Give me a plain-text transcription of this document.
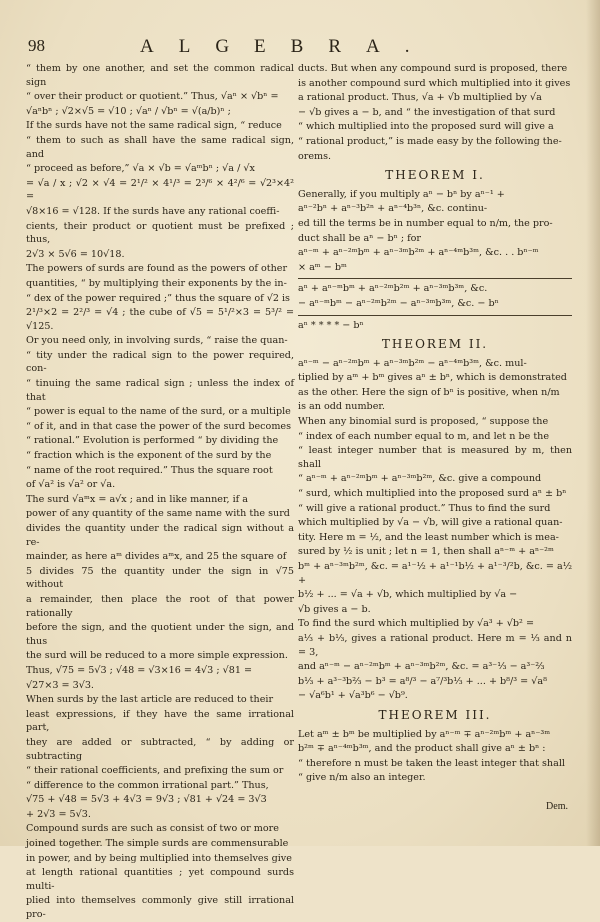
98	ALGEBRA.

“ them by one another, and set the common radical sign

“ over their product or quotient.” Thus, √aⁿ × √bⁿ =

√aⁿbⁿ ; √2×√5 = √10 ; √aⁿ / √bⁿ = √(a/b)ⁿ ;

If the surds have not the same radical sign, “ reduce

“ them to such as shall have the same radical sign, and

“ proceed as before,” √a × √b = √aᵐbⁿ ; √a / √x

= √a / x ; √2 × √4 = 2¹/² × 4¹/³ = 2³/⁶ × 4²/⁶ = √2³×4² =

√8×16 = √128. If the surds have any rational coeffi-

cients, their product or quotient must be prefixed ; thus,

2√3 × 5√6 = 10√18.

The powers of surds are found as the powers of other

quantities, “ by multiplying their exponents by the in-

“ dex of the power required ;” thus the square of √2 is

2¹/³×2 = 2²/³ = √4 ; the cube of √5 = 5¹/²×3 = 5³/² = √125.

Or you need only, in involving surds, “ raise the quan-

“ tity under the radical sign to the power required, con-

“ tinuing the same radical sign ; unless the index of that

“ power is equal to the name of the surd, or a multiple

“ of it, and in that case the power of the surd becomes

“ rational.” Evolution is performed “ by dividing the

“ fraction which is the exponent of the surd by the

“ name of the root required.” Thus the square root

of √a² is √a² or √a.

The surd √aᵐx = a√x ; and in like manner, if a

power of any quantity of the same name with the surd

divides the quantity under the radical sign without a re-

mainder, as here aᵐ divides aᵐx, and 25 the square of

5 divides 75 the quantity under the sign in √75 without

a remainder, then place the root of that power rationally

before the sign, and the quotient under the sign, and thus

the surd will be reduced to a more simple expression.

Thus, √75 = 5√3 ; √48 = √3×16 = 4√3 ; √81 =

√27×3 = 3√3.

When surds by the last article are reduced to their

least expressions, if they have the same irrational part,

they are added or subtracted, “ by adding or subtracting

“ their rational coefficients, and prefixing the sum or

“ difference to the common irrational part.” Thus,

√75 + √48 = 5√3 + 4√3 = 9√3 ; √81 + √24 = 3√3

+ 2√3 = 5√3.

Compound surds are such as consist of two or more

joined together. The simple surds are commensurable

in power, and by being multiplied into themselves give

at length rational quantities ; yet compound surds multi-

plied into themselves commonly give still irrational pro-

ducts. But when any compound surd is proposed, there

is another compound surd which multiplied into it gives

a rational product. Thus, √a + √b multiplied by √a

− √b gives a − b, and “ the investigation of that surd

“ which multiplied into the proposed surd will give a

“ rational product,” is made easy by the following the-

orems.

THEOREM I.

Generally, if you multiply aⁿ − bⁿ by aⁿ⁻¹ +

aⁿ⁻²bⁿ + aⁿ⁻³b²ⁿ + aⁿ⁻⁴b³ⁿ, &c. continu-

ed till the terms be in number equal to n/m, the pro-

duct shall be aⁿ − bⁿ ; for

aⁿ⁻ᵐ + aⁿ⁻²ᵐbᵐ + aⁿ⁻³ᵐb²ᵐ + aⁿ⁻⁴ᵐb³ᵐ, &c. . . bⁿ⁻ᵐ

× aᵐ − bᵐ

aⁿ + aⁿ⁻ᵐbᵐ + aⁿ⁻²ᵐb²ᵐ + aⁿ⁻³ᵐb³ᵐ, &c.

− aⁿ⁻ᵐbᵐ − aⁿ⁻²ᵐb²ᵐ − aⁿ⁻³ᵐb³ᵐ, &c. − bⁿ

aⁿ * * * * − bⁿ

THEOREM II.

aⁿ⁻ᵐ − aⁿ⁻²ᵐbᵐ + aⁿ⁻³ᵐb²ᵐ − aⁿ⁻⁴ᵐb³ᵐ, &c. mul-

tiplied by aᵐ + bᵐ gives aⁿ ± bⁿ, which is demonstrated

as the other. Here the sign of bⁿ is positive, when n/m

is an odd number.

When any binomial surd is proposed, “ suppose the

“ index of each number equal to m, and let n be the

“ least integer number that is measured by m, then shall

“ aⁿ⁻ᵐ + aⁿ⁻²ᵐbᵐ + aⁿ⁻³ᵐb²ᵐ, &c. give a compound

“ surd, which multiplied into the proposed surd aⁿ ± bⁿ

“ will give a rational product.” Thus to find the surd

which multiplied by √a − √b, will give a rational quan-

tity. Here m = ½, and the least number which is mea-

sured by ½ is unit ; let n = 1, then shall aⁿ⁻ᵐ + aⁿ⁻²ᵐ

bᵐ + aⁿ⁻³ᵐb²ᵐ, &c. = a¹⁻½ + a¹⁻¹b½ + a¹⁻³/²b, &c. = a½ +

b½ + ... = √a + √b, which multiplied by √a −

√b gives a − b.

To find the surd which multiplied by √a³ + √b² =

a⅓ + b⅓, gives a rational product. Here m = ⅓ and n = 3,

and aⁿ⁻ᵐ − aⁿ⁻²ᵐbᵐ + aⁿ⁻³ᵐb²ᵐ, &c. = a³⁻⅓ − a³⁻⅔

b⅓ + a³⁻³b⅔ − b³ = a⁸/³ − a⁷/³b⅓ + ... + b⁸/³ = √a⁸

− √a⁶b¹ + √a³b⁶ − √b⁹.

THEOREM III.

Let aᵐ ± bᵐ be multiplied by aⁿ⁻ᵐ ∓ aⁿ⁻²ᵐbᵐ + aⁿ⁻³ᵐ

b²ᵐ ∓ aⁿ⁻⁴ᵐb³ᵐ, and the product shall give aⁿ ± bⁿ :

“ therefore n must be taken the least integer that shall

“ give n/m also an integer.

Dem.
